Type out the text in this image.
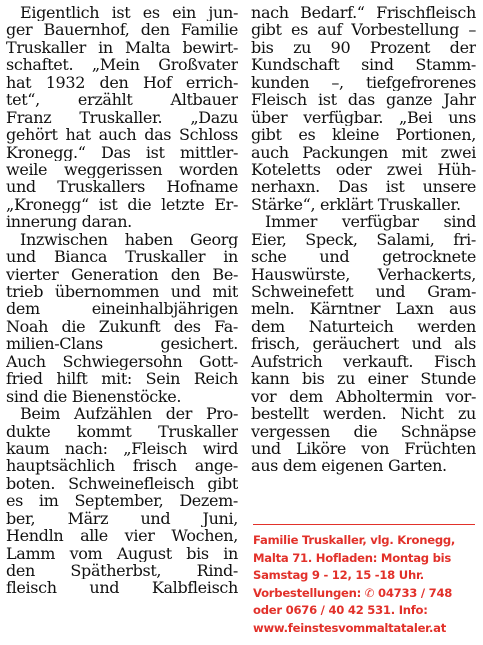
Eigentlich ist es ein jun-
ger Bauernhof, den Familie
Truskaller in Malta bewirt-
schaftet. „Mein Großvater
hat 1932 den Hof errich-
tet“, erzählt Altbauer
Franz Truskaller. „Dazu
gehört hat auch das Schloss
Kronegg.“ Das ist mittler-
weile weggerissen worden
und Truskallers Hofname
„Kronegg“ ist die letzte Er-
innerung daran.
Inzwischen haben Georg
und Bianca Truskaller in
vierter Generation den Be-
trieb übernommen und mit
dem eineinhalbjährigen
Noah die Zukunft des Fa-
milien-Clans gesichert.
Auch Schwiegersohn Gott-
fried hilft mit: Sein Reich
sind die Bienenstöcke.
Beim Aufzählen der Pro-
dukte kommt Truskaller
kaum nach: „Fleisch wird
hauptsächlich frisch ange-
boten. Schweinefleisch gibt
es im September, Dezem-
ber, März und Juni,
Hendln alle vier Wochen,
Lamm vom August bis in
den Spätherbst, Rind-
fleisch und Kalbfleisch
nach Bedarf.“ Frischfleisch
gibt es auf Vorbestellung –
bis zu 90 Prozent der
Kundschaft sind Stamm-
kunden –, tiefgefrorenes
Fleisch ist das ganze Jahr
über verfügbar. „Bei uns
gibt es kleine Portionen,
auch Packungen mit zwei
Koteletts oder zwei Hüh-
nerhaxn. Das ist unsere
Stärke“, erklärt Truskaller.
Immer verfügbar sind
Eier, Speck, Salami, fri-
sche und getrocknete
Hauswürste, Verhackerts,
Schweinefett und Gram-
meln. Kärntner Laxn aus
dem Naturteich werden
frisch, geräuchert und als
Aufstrich verkauft. Fisch
kann bis zu einer Stunde
vor dem Abholtermin vor-
bestellt werden. Nicht zu
vergessen die Schnäpse
und Liköre von Früchten
aus dem eigenen Garten.
Familie Truskaller, vlg. Kronegg,
Malta 71. Hofladen: Montag bis
Samstag 9 - 12, 15 -18 Uhr.
Vorbestellungen: ✆ 04733 / 748
oder 0676 / 40 42 531. Info:
www.feinstesvommaltataler.at
